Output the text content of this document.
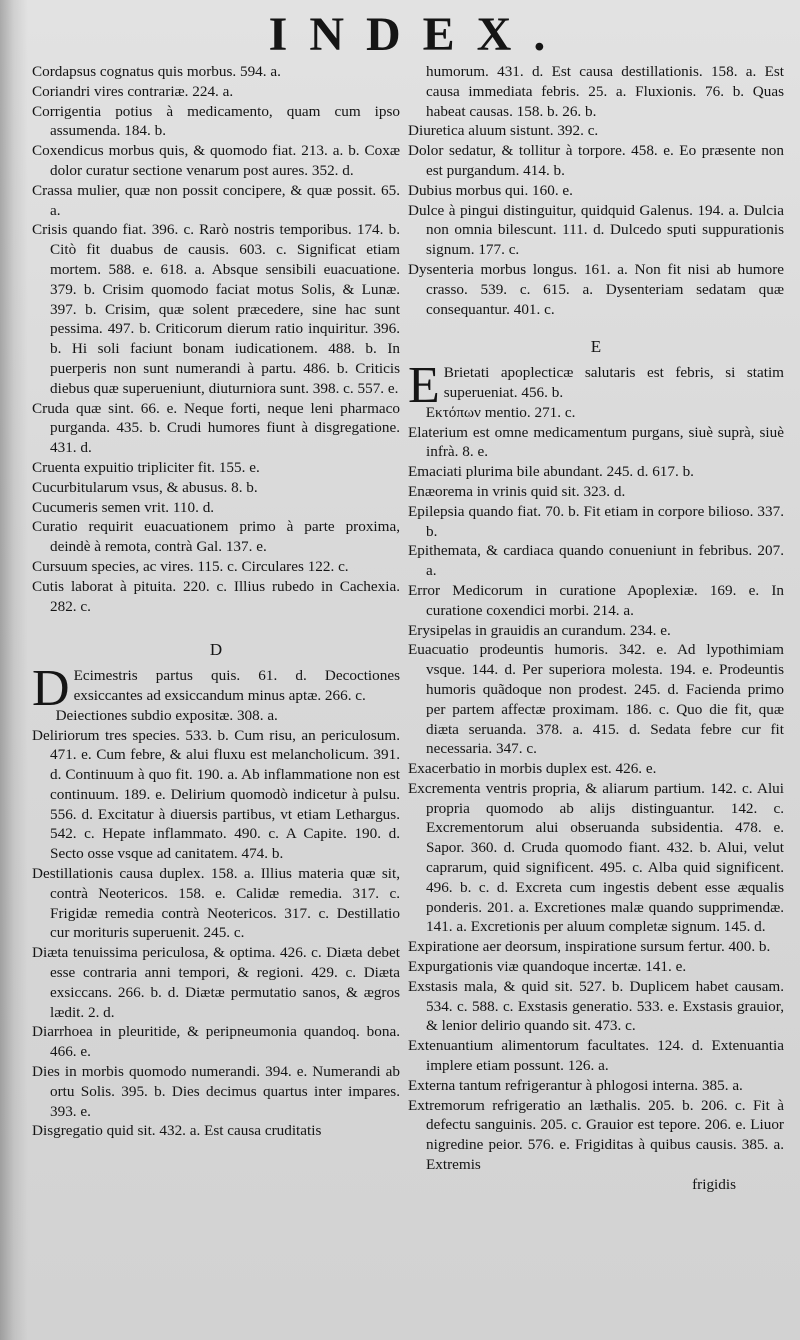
INDEX.

Cordapsus cognatus quis morbus. 594. a.

Coriandri vires contrariæ. 224. a.

Corrigentia potius à medicamento, quam cum ipso assumenda. 184. b.

Coxendicus morbus quis, & quomodo fiat. 213. a. b. Coxæ dolor curatur sectione venarum post aures. 352. d.

Crassa mulier, quæ non possit concipere, & quæ possit. 65. a.

Crisis quando fiat. 396. c. Rarò nostris temporibus. 174. b. Citò fit duabus de causis. 603. c. Significat etiam mortem. 588. e. 618. a. Absque sensibili euacuatione. 379. b. Crisim quomodo faciat motus Solis, & Lunæ. 397. b. Crisim, quæ solent præcedere, sine hac sunt pessima. 497. b. Criticorum dierum ratio inquiritur. 396. b. Hi soli faciunt bonam iudicationem. 488. b. In puerperis non sunt numerandi à partu. 486. b. Criticis diebus quæ superueniunt, diuturniora sunt. 398. c. 557. e.

Cruda quæ sint. 66. e. Neque forti, neque leni pharmaco purganda. 435. b. Crudi humores fiunt à disgregatione. 431. d.

Cruenta expuitio tripliciter fit. 155. e.

Cucurbitularum vsus, & abusus. 8. b.

Cucumeris semen vrit. 110. d.

Curatio requirit euacuationem primo à parte proxima, deindè à remota, contrà Gal. 137. e.

Cursuum species, ac vires. 115. c. Circulares 122. c.

Cutis laborat à pituita. 220. c. Illius rubedo in Cachexia. 282. c.

D

DEcimestris partus quis. 61. d. Decoctiones exsiccantes ad exsiccandum minus aptæ. 266. c.

Deiectiones subdio expositæ. 308. a.

Deliriorum tres species. 533. b. Cum risu, an periculosum. 471. e. Cum febre, & alui fluxu est melancholicum. 391. d. Continuum à quo fit. 190. a. Ab inflammatione non est continuum. 189. e. Delirium quomodò indicetur à pulsu. 556. d. Excitatur à diuersis partibus, vt etiam Lethargus. 542. c. Hepate inflammato. 490. c. A Capite. 190. d. Secto osse vsque ad canitatem. 474. b.

Destillationis causa duplex. 158. a. Illius materia quæ sit, contrà Neotericos. 158. e. Calidæ remedia. 317. c. Frigidæ remedia contrà Neotericos. 317. c. Destillatio cur morituris superuenit. 245. c.

Diæta tenuissima periculosa, & optima. 426. c. Diæta debet esse contraria anni tempori, & regioni. 429. c. Diæta exsiccans. 266. b. d. Diætæ permutatio sanos, & ægros lædit. 2. d.

Diarrhoea in pleuritide, & peripneumonia quandoq. bona. 466. e.

Dies in morbis quomodo numerandi. 394. e. Numerandi ab ortu Solis. 395. b. Dies decimus quartus inter impares. 393. e.

Disgregatio quid sit. 432. a. Est causa cruditatis

humorum. 431. d. Est causa destillationis. 158. a. Est causa immediata febris. 25. a. Fluxionis. 76. b. Quas habeat causas. 158. b. 26. b.

Diuretica aluum sistunt. 392. c.

Dolor sedatur, & tollitur à torpore. 458. e. Eo præsente non est purgandum. 414. b.

Dubius morbus qui. 160. e.

Dulce à pingui distinguitur, quidquid Galenus. 194. a. Dulcia non omnia bilescunt. 111. d. Dulcedo sputi suppurationis signum. 177. c.

Dysenteria morbus longus. 161. a. Non fit nisi ab humore crasso. 539. c. 615. a. Dysenteriam sedatam quæ consequantur. 401. c.

E

EBrietati apoplecticæ salutaris est febris, si statim superueniat. 456. b.

Εκτόπων mentio. 271. c.

Elaterium est omne medicamentum purgans, siuè suprà, siuè infrà. 8. e.

Emaciati plurima bile abundant. 245. d. 617. b.

Enæorema in vrinis quid sit. 323. d.

Epilepsia quando fiat. 70. b. Fit etiam in corpore bilioso. 337. b.

Epithemata, & cardiaca quando conueniunt in febribus. 207. a.

Error Medicorum in curatione Apoplexiæ. 169. e. In curatione coxendici morbi. 214. a.

Erysipelas in grauidis an curandum. 234. e.

Euacuatio prodeuntis humoris. 342. e. Ad lypothimiam vsque. 144. d. Per superiora molesta. 194. e. Prodeuntis humoris quãdoque non prodest. 245. d. Facienda primo per partem affectæ proximam. 186. c. Quo die fit, quæ diæta seruanda. 378. a. 415. d. Sedata febre cur fit necessaria. 347. c.

Exacerbatio in morbis duplex est. 426. e.

Excrementa ventris propria, & aliarum partium. 142. c. Alui propria quomodo ab alijs distinguantur. 142. c. Excrementorum alui obseruanda subsidentia. 478. e. Sapor. 360. d. Cruda quomodo fiant. 432. b. Alui, velut caprarum, quid significent. 495. c. Alba quid significent. 496. b. c. d. Excreta cum ingestis debent esse æqualis ponderis. 201. a. Excretiones malæ quando supprimendæ. 141. a. Excretionis per aluum completæ signum. 145. d.

Expiratione aer deorsum, inspiratione sursum fertur. 400. b.

Expurgationis viæ quandoque incertæ. 141. e.

Exstasis mala, & quid sit. 527. b. Duplicem habet causam. 534. c. 588. c. Exstasis generatio. 533. e. Exstasis grauior, & lenior delirio quando sit. 473. c.

Extenuantium alimentorum facultates. 124. d. Extenuantia implere etiam possunt. 126. a.

Externa tantum refrigerantur à phlogosi interna. 385. a.

Extremorum refrigeratio an læthalis. 205. b. 206. c. Fit à defectu sanguinis. 205. c. Grauior est tepore. 206. e. Liuor nigredine peior. 576. e. Frigiditas à quibus causis. 385. a. Extremis

frigidis
